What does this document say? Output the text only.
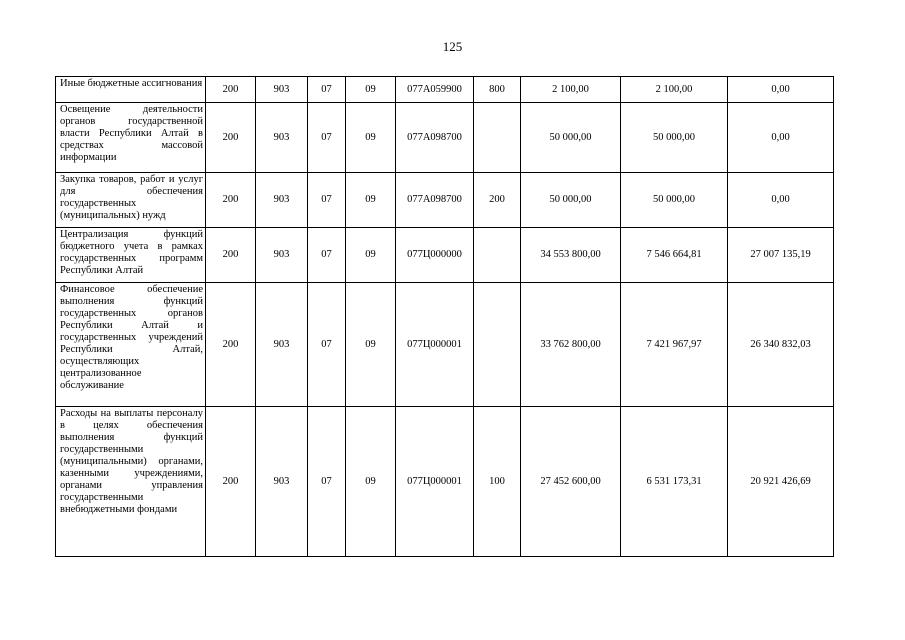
125
Иные бюджетные ассигнования	200	903	07	09	077А059900	800	2 100,00	2 100,00	0,00
Освещение деятельности органов государственной власти Республики Алтай в средствах массовой информации	200	903	07	09	077А098700		50 000,00	50 000,00	0,00
Закупка товаров, работ и услуг для обеспечения государственных (муниципальных) нужд	200	903	07	09	077А098700	200	50 000,00	50 000,00	0,00
Централизация функций бюджетного учета в рамках государственных программ Республики Алтай	200	903	07	09	077Ц000000		34 553 800,00	7 546 664,81	27 007 135,19
Финансовое обеспечение выполнения функций государственных органов Республики Алтай и государственных учреждений Республики Алтай, осуществляющих централизованное обслуживание	200	903	07	09	077Ц000001		33 762 800,00	7 421 967,97	26 340 832,03
Расходы на выплаты персоналу в целях обеспечения выполнения функций государственными (муниципальными) органами, казенными учреждениями, органами управления государственными внебюджетными фондами	200	903	07	09	077Ц000001	100	27 452 600,00	6 531 173,31	20 921 426,69
